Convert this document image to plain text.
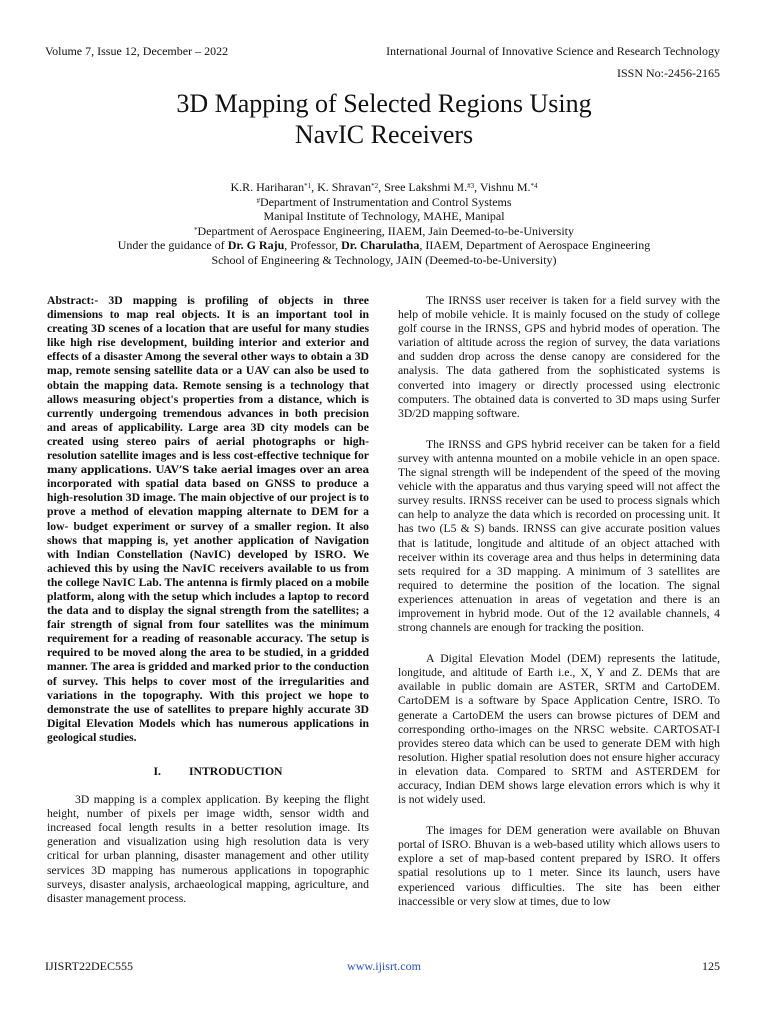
Volume 7, Issue 12, December – 2022	International Journal of Innovative Science and Research Technology
ISSN No:-2456-2165
3D Mapping of Selected Regions Using
NavIC Receivers
K.R. Hariharan$^{*1}$, K. Shravan$^{*2}$, Sree Lakshmi M.$^{\#3}$, Vishnu M.$^{*4}$
#Department of Instrumentation and Control Systems
Manipal Institute of Technology, MAHE, Manipal
*Department of Aerospace Engineering, IIAEM, Jain Deemed-to-be-University
Under the guidance of Dr. G Raju, Professor, Dr. Charulatha, IIAEM, Department of Aerospace Engineering
School of Engineering & Technology, JAIN (Deemed-to-be-University)

Abstract:- 3D mapping is profiling of objects in three dimensions to map real objects. It is an important tool in creating 3D scenes of a location that are useful for many studies like high rise development, building interior and exterior and effects of a disaster Among the several other ways to obtain a 3D map, remote sensing satellite data or a UAV can also be used to obtain the mapping data. Remote sensing is a technology that allows measuring object's properties from a distance, which is currently undergoing tremendous advances in both precision and areas of applicability. Large area 3D city models can be created using stereo pairs of aerial photographs or high-resolution satellite images and is less cost-effective technique for many applications. UAV’S take aerial images over an area incorporated with spatial data based on GNSS to produce a high-resolution 3D image. The main objective of our project is to prove a method of elevation mapping alternate to DEM for a low- budget experiment or survey of a smaller region. It also shows that mapping is, yet another application of Navigation with Indian Constellation (NavIC) developed by ISRO. We achieved this by using the NavIC receivers available to us from the college NavIC Lab. The antenna is firmly placed on a mobile platform, along with the setup which includes a laptop to record the data and to display the signal strength from the satellites; a fair strength of signal from four satellites was the minimum requirement for a reading of reasonable accuracy. The setup is required to be moved along the area to be studied, in a gridded manner. The area is gridded and marked prior to the conduction of survey. This helps to cover most of the irregularities and variations in the topography. With this project we hope to demonstrate the use of satellites to prepare highly accurate 3D Digital Elevation Models which has numerous applications in geological studies.

I. INTRODUCTION

3D mapping is a complex application. By keeping the flight height, number of pixels per image width, sensor width and increased focal length results in a better resolution image. Its generation and visualization using high resolution data is very critical for urban planning, disaster management and other utility services 3D mapping has numerous applications in topographic surveys, disaster analysis, archaeological mapping, agriculture, and disaster management process.

The IRNSS user receiver is taken for a field survey with the help of mobile vehicle. It is mainly focused on the study of college golf course in the IRNSS, GPS and hybrid modes of operation. The variation of altitude across the region of survey, the data variations and sudden drop across the dense canopy are considered for the analysis. The data gathered from the sophisticated systems is converted into imagery or directly processed using electronic computers. The obtained data is converted to 3D maps using Surfer 3D/2D mapping software.

The IRNSS and GPS hybrid receiver can be taken for a field survey with antenna mounted on a mobile vehicle in an open space. The signal strength will be independent of the speed of the moving vehicle with the apparatus and thus varying speed will not affect the survey results. IRNSS receiver can be used to process signals which can help to analyze the data which is recorded on processing unit. It has two (L5 & S) bands. IRNSS can give accurate position values that is latitude, longitude and altitude of an object attached with receiver within its coverage area and thus helps in determining data sets required for a 3D mapping. A minimum of 3 satellites are required to determine the position of the location. The signal experiences attenuation in areas of vegetation and there is an improvement in hybrid mode. Out of the 12 available channels, 4 strong channels are enough for tracking the position.

A Digital Elevation Model (DEM) represents the latitude, longitude, and altitude of Earth i.e., X, Y and Z. DEMs that are available in public domain are ASTER, SRTM and CartoDEM. CartoDEM is a software by Space Application Centre, ISRO. To generate a CartoDEM the users can browse pictures of DEM and corresponding ortho-images on the NRSC website. CARTOSAT-I provides stereo data which can be used to generate DEM with high resolution. Higher spatial resolution does not ensure higher accuracy in elevation data. Compared to SRTM and ASTERDEM for accuracy, Indian DEM shows large elevation errors which is why it is not widely used.

The images for DEM generation were available on Bhuvan portal of ISRO. Bhuvan is a web-based utility which allows users to explore a set of map-based content prepared by ISRO. It offers spatial resolutions up to 1 meter. Since its launch, users have experienced various difficulties. The site has been either inaccessible or very slow at times, due to low

IJISRT22DEC555	www.ijisrt.com	125
